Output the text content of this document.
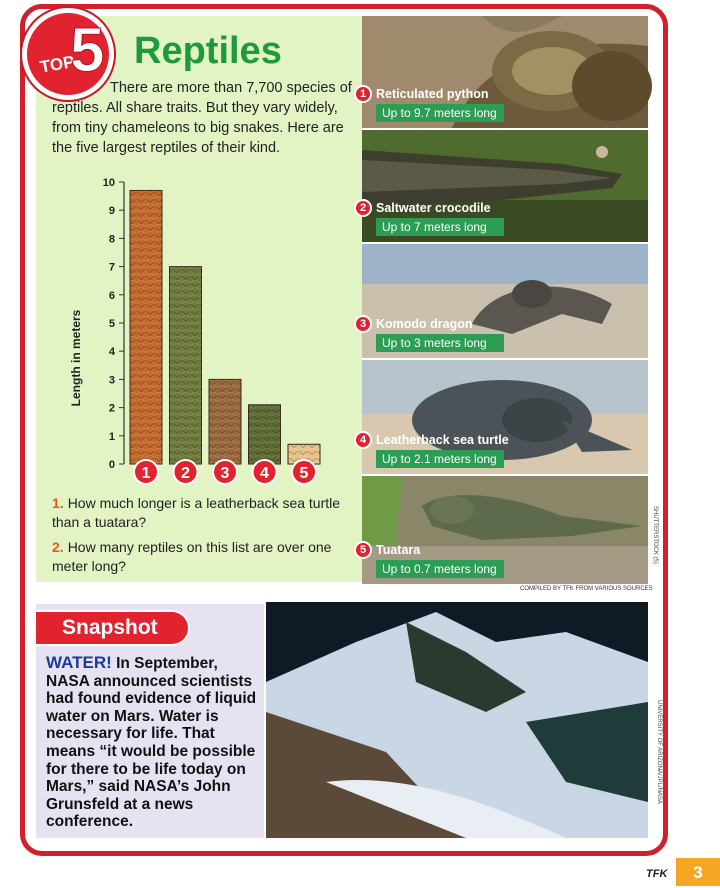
TOP
5 Reptiles

There are more than 7,700 species of reptiles. All share traits. But they vary widely, from tiny chameleons to big snakes. Here are the five largest reptiles of their kind.

0
1
2
3
4
5
6
7
8
9
10
1 2 3 4 5
Length in meters

1. How much longer is a leatherback sea turtle than a tuatara?

2. How many reptiles on this list are over one meter long?

1 Reticulated python
Up to 9.7 meters long
2 Saltwater crocodile
Up to 7 meters long
3 Komodo dragon
Up to 3 meters long
4 Leatherback sea turtle
Up to 2.1 meters long
5 Tuatara
Up to 0.7 meters long
COMPILED BY TFK FROM VARIOUS SOURCES
SHUTTERSTOCK (5)
Snapshot

WATER! In September, NASA announced scientists had found evidence of liquid water on Mars. Water is necessary for life. That means “it would be possible for there to be life today on Mars,” said NASA’s John Grunsfeld at a news conference.

UNIVERSITY OF ARIZONA/JPL/NASA
TFK	3
